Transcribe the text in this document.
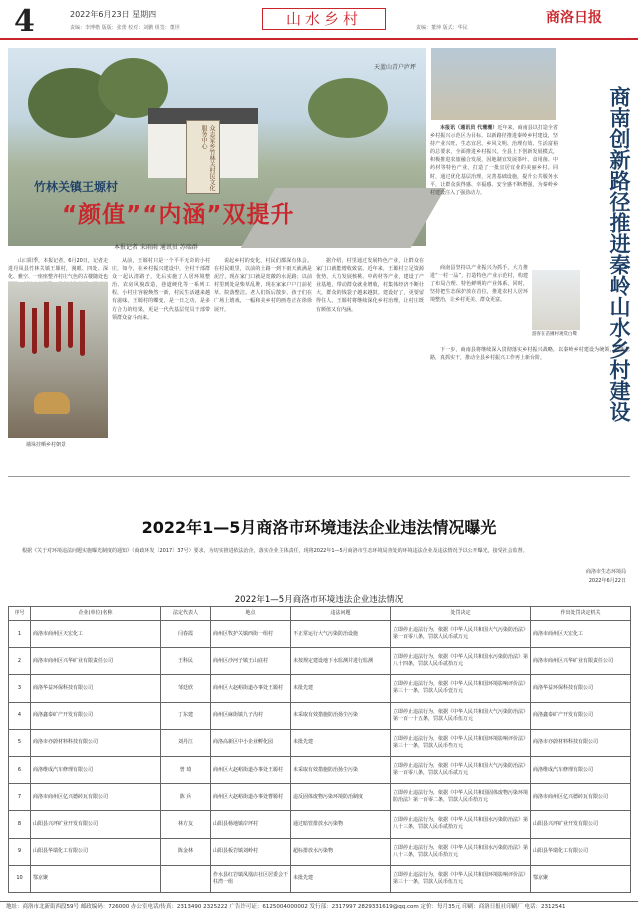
4	2022年6月23日 星期四
责编：李博楷 版版：张蕾 校对：刘鹏 组签：董坦	山水乡村	责编：董坤 版式：华民
商洛日报
众志家乡竹林关村民文化服务中心
天蓝山青户庐坪
竹林关镇王塬村
“颜值”“内涵”双提升
本报记者 宋雨雨 通讯员 苏瑞群

山口阳季，本报记者，6月20日，记者走进丹凤县竹林关镇王塬村，漫眼、四处、深化、雅空、一座座整齐村庄气色的古楼随处也

墙垛挂晒乡村朝景

从前，王塬村只是一个平平无奇的小村庄，如今，在乡村振兴建设中，全村干部群众一起认清路子，先后实施了人居环境整治，农房风貌改造，巷道硬化等一系列工程，小村庄容貌焕然一新，村民生活越来越有滋味。王塬村的蝶变，是一日之功，是多方合力的结果，更是一代代基层党员干部带领群众奋斗而来。

说起乡村的变化，村民们都深有体会。在村民眼里，以前的土路一到下雨天就满是泥泞，现在家门口就是宽敞的水泥路；以前村里到处是柴草乱堆，现在家家户户门前花草，院落整洁。老人们饭后散步、孩子们在广场上嬉戏，一幅和美乡村的画卷正在徐徐展开。

据介绍，村里通过发展特色产业，让群众在家门口就能增收致富。近年来，王塬村立足资源优势，大力发展核桃、中药材等产业，建设了产业基地，带动群众就业增收，村集体经济不断壮大，群众的钱袋子越来越鼓。建设好了，更要留得住人。王塬村将继续深化乡村治理，让村庄既有颜值又有内涵。

本报讯（通讯员 代珊珊）近年来，商南县以打造全省乡村振兴示范区为目标，以新路径推进秦岭乡村建设，坚持产业兴旺、生态宜居、乡风文明、治理有效、生活富裕的总要求，全面推进乡村振兴。全县上下创新发展模式，积极推进农旅融合发展，因地制宜发展茶叶、食用菌、中药材等特色产业，打造了一批宜居宜业的美丽乡村。同时，通过优化基层治理，完善基础设施，提升公共服务水平，让群众获得感、幸福感、安全感不断增强，为秦岭乡村建设注入了强劲动力。	商南创新路径推进秦岭山水乡村建设

商南县坚持以产业振兴为抓手，大力推进“一村一品”，打造特色产业示范村，构建了布局合理、特色鲜明的产业体系。同时，坚持把生态保护放在首位，推进农村人居环境整治，让乡村更美、群众更富。

游客在苗圃村观赏白鹭

下一步，商南县将继续深入贯彻落实乡村振兴战略，以秦岭乡村建设为统领，创新思路，真抓实干，推动全县乡村振兴工作再上新台阶。

2022年1—5月商洛市环境违法企业违法情况曝光
根据《关于对环境违法问题实施曝光制度的通知》（商政环发〔2017〕37号）要求，为切实推进依法治企，落实企业主体责任，现将2022年1—5月商洛市生态环境局查处的环境违法企业及违法情况予以公开曝光，接受社会监督。
商洛市生态环境局
2022年6月22日
2022年1—5月商洛市环境违法企业违法情况
序号	企业(单位)名称	法定代表人	地点	违法问题	处罚决定	作出处罚决定机关
1	商洛市商州区天宏化工	闫春霞	商州区牧护关镇西街一组村	不正常运行大气污染防治设施	立即停止违法行为，依据《中华人民共和国大气污染防治法》第一百零八条，罚款人民币贰万元	商洛市商州区天宏化工
2	商洛市商州区兴华矿业有限责任公司	王科民	商州区沙河子镇王山底村	未按规定建设地下水监测并进行监测	立即停止违法行为，依据《中华人民共和国水污染防治法》第八十四条，罚款人民币贰拾万元	商洛市商州区兴华矿业有限责任公司
3	商洛华益环保科技有限公司	邹廷欣	商州区大赵峪街道办事处王塬村	未批先建	立即停止违法行为，依据《中华人民共和国环境影响评价法》第三十一条，罚款人民币壹万元	商洛华益环保科技有限公司
4	商洛鑫泰矿产开发有限公司	丁东建	商州区麻街镇九子沟村	未采取有效措施防治扬尘污染	立即停止违法行为，依据《中华人民共和国大气污染防治法》第一百一十五条，罚款人民币伍万元	商洛鑫泰矿产开发有限公司
5	商洛市亦蔚材料科技有限公司	刘丹江	商洛高新区中小企业孵化园	未批先建	立即停止违法行为，依据《中华人民共和国环境影响评价法》第三十一条，罚款人民币叁万元	商洛市亦蔚材料科技有限公司
6	商洛维成汽车修理有限公司	曾 琦	商州区大赵峪街道办事处王塬村	未采取有效措施防治扬尘污染	立即停止违法行为，依据《中华人民共和国大气污染防治法》第一百零八条，罚款人民币贰万元	商洛维成汽车修理有限公司
7	商洛市商州区亿兴德砖瓦有限公司	陈 兵	商州区大赵峪街道办事处曹塬村	违反固体废物污染环境防治制度	立即停止违法行为，依据《中华人民共和国固体废物污染环境防治法》第一百零二条，罚款人民币拾万元	商洛市商州区亿兴德砖瓦有限公司
8	山阳县兴坪矿业开发有限公司	林方友	山阳县杨地镇岸坪村	通过暗管排放水污染物	立即停止违法行为，依据《中华人民共和国水污染防治法》第八十三条，罚款人民币贰拾万元	山阳县兴坪矿业开发有限公司
9	山阳县华瑞化工有限公司	陈金林	山阳县板岩镇刘岭村	超标排放水污染物	立即停止违法行为，依据《中华人民共和国水污染防治法》第八十三条，罚款人民币拾万元	山阳县华瑞化工有限公司
10	鄂京聚		作水县红岩镇凤凰店社区居委会干柱湾一组	未批先建	立即停止违法行为，依据《中华人民共和国环境影响评价法》第三十一条，罚款人民币伍万元	鄂京聚
地址：商洛市北新街西段59号 邮政编码：726000 办公室电话/传真：2313490 2325222 广告许可证：6125004000002 发行部：2317997 2829331619@qq.com 定价：每月35元 印刷：商洛日报社印刷厂 电话：2312541
